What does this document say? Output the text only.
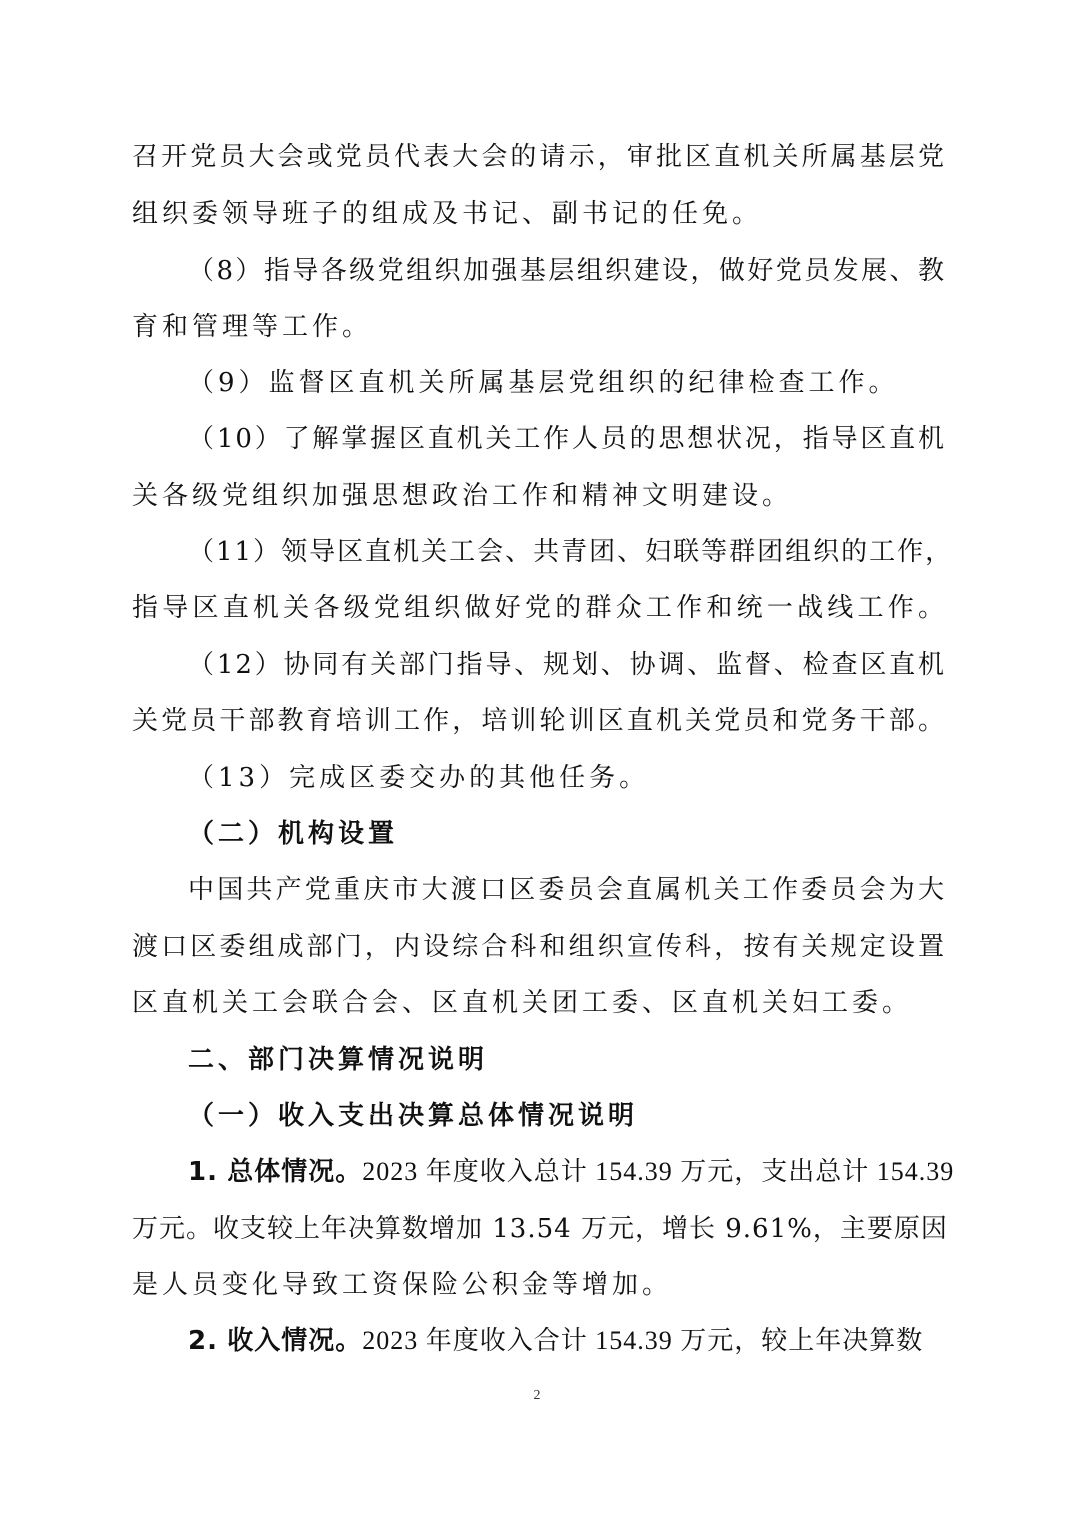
召开党员大会或党员代表大会的请示，审批区直机关所属基层党
组织委领导班子的组成及书记、副书记的任免。
（8）指导各级党组织加强基层组织建设，做好党员发展、教
育和管理等工作。
（9）监督区直机关所属基层党组织的纪律检查工作。
（10）了解掌握区直机关工作人员的思想状况，指导区直机
关各级党组织加强思想政治工作和精神文明建设。
（11）领导区直机关工会、共青团、妇联等群团组织的工作，
指导区直机关各级党组织做好党的群众工作和统一战线工作。
（12）协同有关部门指导、规划、协调、监督、检查区直机
关党员干部教育培训工作，培训轮训区直机关党员和党务干部。
（13）完成区委交办的其他任务。
（二）机构设置
中国共产党重庆市大渡口区委员会直属机关工作委员会为大
渡口区委组成部门，内设综合科和组织宣传科，按有关规定设置
区直机关工会联合会、区直机关团工委、区直机关妇工委。
二、部门决算情况说明
（一）收入支出决算总体情况说明
1. 总体情况。2023 年度收入总计 154.39 万元，支出总计 154.39
万元。收支较上年决算数增加 13.54 万元，增长 9.61%，主要原因
是人员变化导致工资保险公积金等增加。
2. 收入情况。2023 年度收入合计 154.39 万元，较上年决算数
2
